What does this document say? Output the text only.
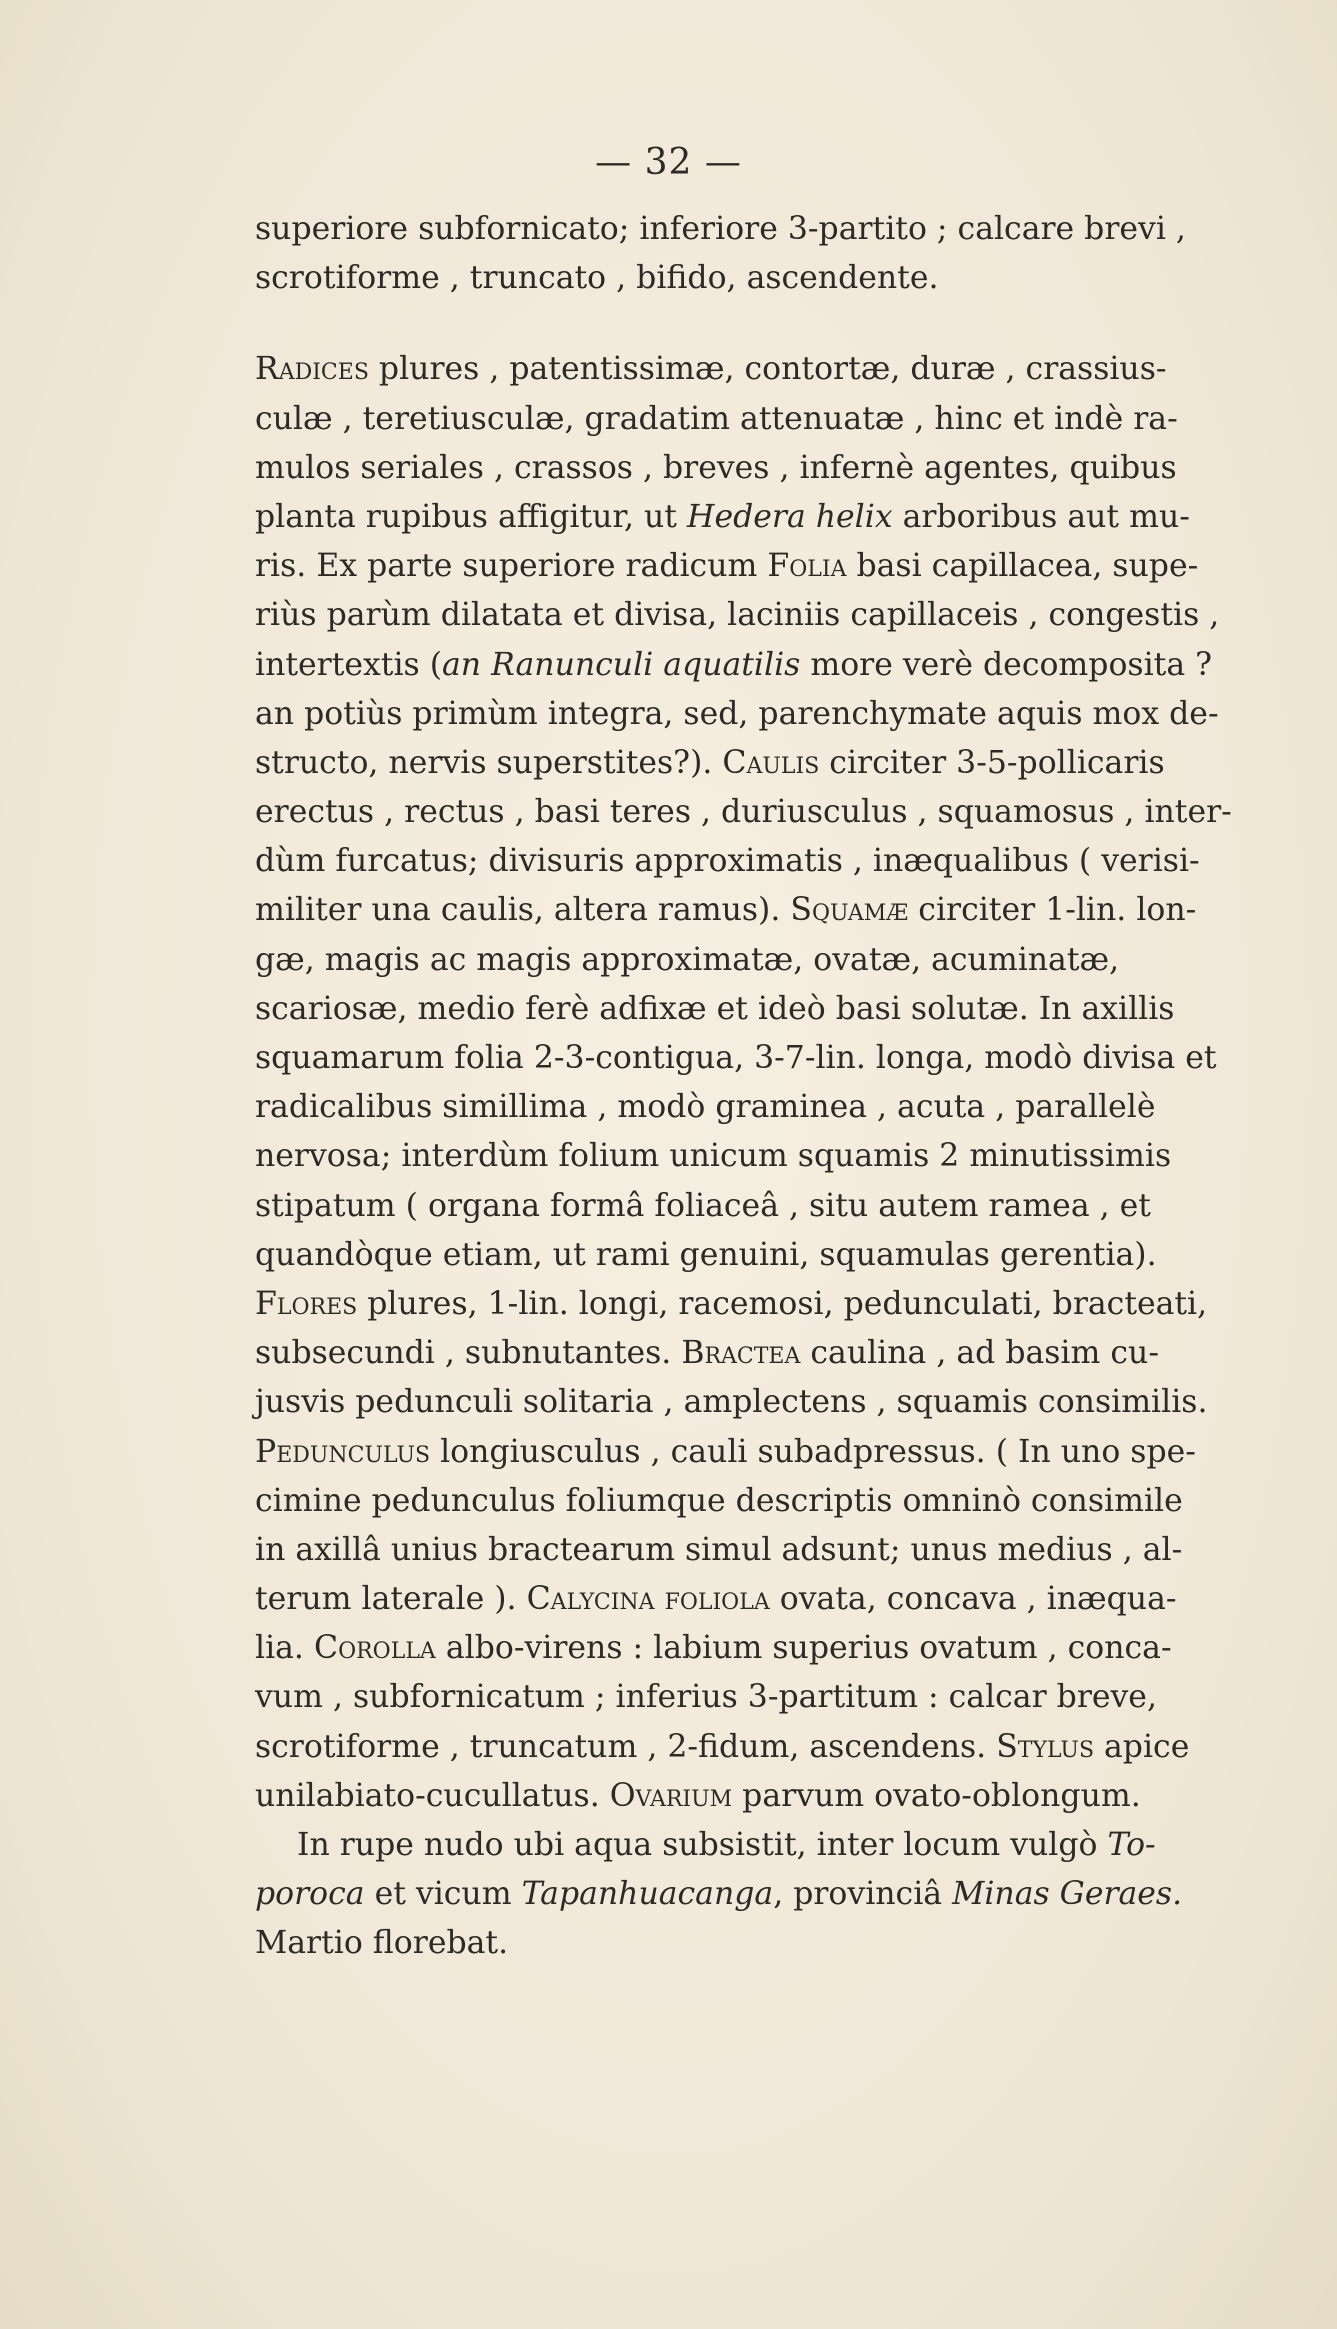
— 32 —
superiore subfornicato; inferiore 3-partito ; calcare brevi ,
scrotiforme , truncato , bifido, ascendente.
Radices plures , patentissimæ, contortæ, duræ , crassius-
culæ , teretiusculæ, gradatim attenuatæ , hinc et indè ra-
mulos seriales , crassos , breves , infernè agentes, quibus
planta rupibus affigitur, ut Hedera helix arboribus aut mu-
ris. Ex parte superiore radicum Folia basi capillacea, supe-
riùs parùm dilatata et divisa, laciniis capillaceis , congestis ,
intertextis (an Ranunculi aquatilis more verè decomposita ?
an potiùs primùm integra, sed, parenchymate aquis mox de-
structo, nervis superstites?). Caulis circiter 3-5-pollicaris
erectus , rectus , basi teres , duriusculus , squamosus , inter-
dùm furcatus; divisuris approximatis , inæqualibus ( verisi-
militer una caulis, altera ramus). Squamæ circiter 1-lin. lon-
gæ, magis ac magis approximatæ, ovatæ, acuminatæ,
scariosæ, medio ferè adfixæ et ideò basi solutæ. In axillis
squamarum folia 2-3-contigua, 3-7-lin. longa, modò divisa et
radicalibus simillima , modò graminea , acuta , parallelè
nervosa; interdùm folium unicum squamis 2 minutissimis
stipatum ( organa formâ foliaceâ , situ autem ramea , et
quandòque etiam, ut rami genuini, squamulas gerentia).
Flores plures, 1-lin. longi, racemosi, pedunculati, bracteati,
subsecundi , subnutantes. Bractea caulina , ad basim cu-
jusvis pedunculi solitaria , amplectens , squamis consimilis.
Pedunculus longiusculus , cauli subadpressus. ( In uno spe-
cimine pedunculus foliumque descriptis omninò consimile
in axillâ unius bractearum simul adsunt; unus medius , al-
terum laterale ). Calycina foliola ovata, concava , inæqua-
lia. Corolla albo-virens : labium superius ovatum , conca-
vum , subfornicatum ; inferius 3-partitum : calcar breve,
scrotiforme , truncatum , 2-fidum, ascendens. Stylus apice
unilabiato-cucullatus. Ovarium parvum ovato-oblongum.
In rupe nudo ubi aqua subsistit, inter locum vulgò To-
poroca et vicum Tapanhuacanga, provinciâ Minas Geraes.
Martio florebat.
